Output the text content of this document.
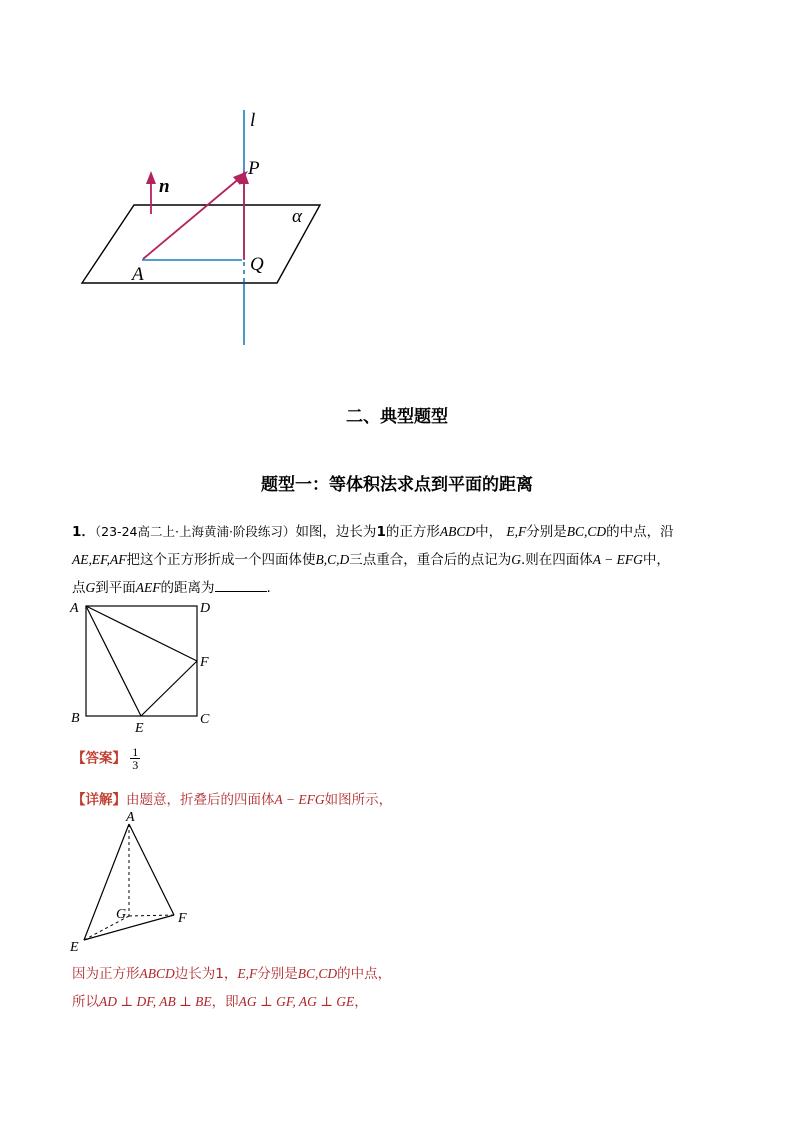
l
P
n
α
A	Q
二、典型题型
题型一：等体积法求点到平面的距离
1．（23-24高二上·上海黄浦·阶段练习）如图，边长为1的正方形ABCD中， E,F分别是BC,CD的中点，沿
AE,EF,AF把这个正方形折成一个四面体使B,C,D三点重合，重合后的点记为G.则在四面体A − EFG中，
点G到平面AEF的距离为	.
A	D
B	C
E
F
【答案】 $\frac{1}{3}$
【详解】由题意，折叠后的四面体A − EFG如图所示，
A
G	F
E
因为正方形ABCD边长为1，E,F分别是BC,CD的中点，
所以AD ⊥ DF, AB ⊥ BE，即AG ⊥ GF, AG ⊥ GE，
